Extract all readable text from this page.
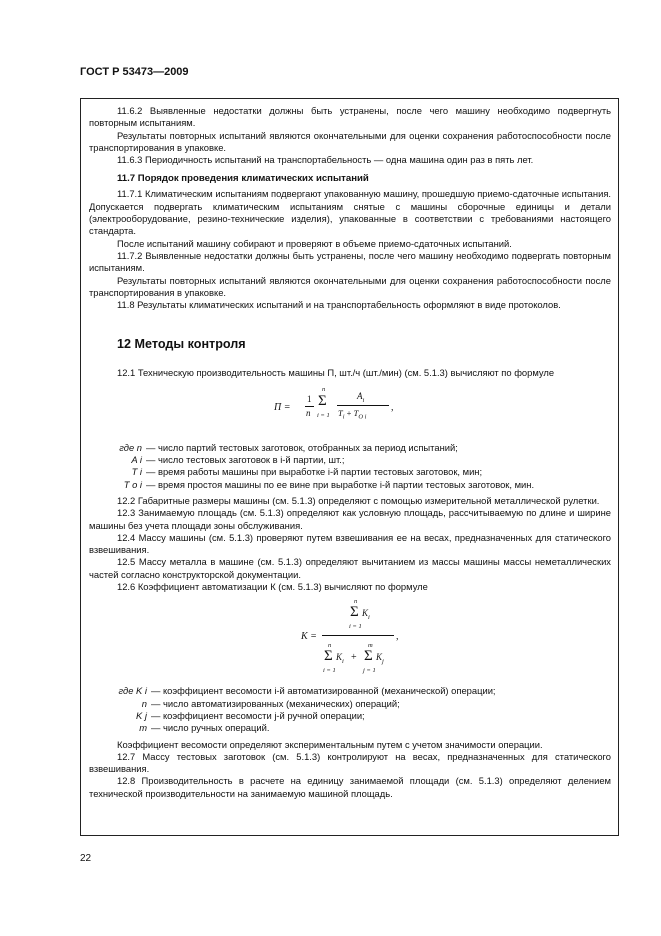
ГОСТ Р 53473—2009

11.6.2 Выявленные недостатки должны быть устранены, после чего машину необходимо подвергнуть повторным испытаниям.

Результаты повторных испытаний являются окончательными для оценки сохранения работоспособности после транспортирования в упаковке.

11.6.3 Периодичность испытаний на транспортабельность — одна машина один раз в пять лет.

11.7 Порядок проведения климатических испытаний

11.7.1 Климатическим испытаниям подвергают упакованную машину, прошедшую приемо-сдаточные испытания. Допускается подвергать климатическим испытаниям снятые с машины сборочные единицы и детали (электрооборудование, резино-технические изделия), упакованные в соответствии с требованиями настоящего стандарта.

После испытаний машину собирают и проверяют в объеме приемо-сдаточных испытаний.

11.7.2 Выявленные недостатки должны быть устранены, после чего машину необходимо подвергать повторным испытаниям.

Результаты повторных испытаний являются окончательными для оценки сохранения работоспособности после транспортирования в упаковке.

11.8 Результаты климатических испытаний и на транспортабельность оформляют в виде протоколов.

12 Методы контроля

12.1 Техническую производительность машины П, шт./ч (шт./мин) (см. 5.1.3) вычисляют по формуле

П =
1
n
n
Σ
i = 1
$A_i$
$T_i + T_{O i}$
,
где n — число партий тестовых заготовок, отобранных за период испытаний;
A i — число тестовых заготовок в i-й партии, шт.;
T i — время работы машины при выработке i-й партии тестовых заготовок, мин;
T o i — время простоя машины по ее вине при выработке i-й партии тестовых заготовок, мин.

12.2 Габаритные размеры машины (см. 5.1.3) определяют с помощью измерительной металлической рулетки.

12.3 Занимаемую площадь (см. 5.1.3) определяют как условную площадь, рассчитываемую по длине и ширине машины без учета площади зоны обслуживания.

12.4 Массу машины (см. 5.1.3) проверяют путем взвешивания ее на весах, предназначенных для статического взвешивания.

12.5 Массу металла в машине (см. 5.1.3) определяют вычитанием из массы машины массы неметаллических частей согласно конструкторской документации.

12.6 Коэффициент автоматизации К (см. 5.1.3) вычисляют по формуле

K =
n
Σ
i = 1
$K_i$
n
Σ
i = 1
$K_i$ +
m
Σ
j = 1
$K_j$
,
где K i — коэффициент весомости i-й автоматизированной (механической) операции;
n — число автоматизированных (механических) операций;
K j — коэффициент весомости j-й ручной операции;
m — число ручных операций.

Коэффициент весомости определяют экспериментальным путем с учетом значимости операции.

12.7 Массу тестовых заготовок (см. 5.1.3) контролируют на весах, предназначенных для статического взвешивания.

12.8 Производительность в расчете на единицу занимаемой площади (см. 5.1.3) определяют делением технической производительности на занимаемую машиной площадь.

22
